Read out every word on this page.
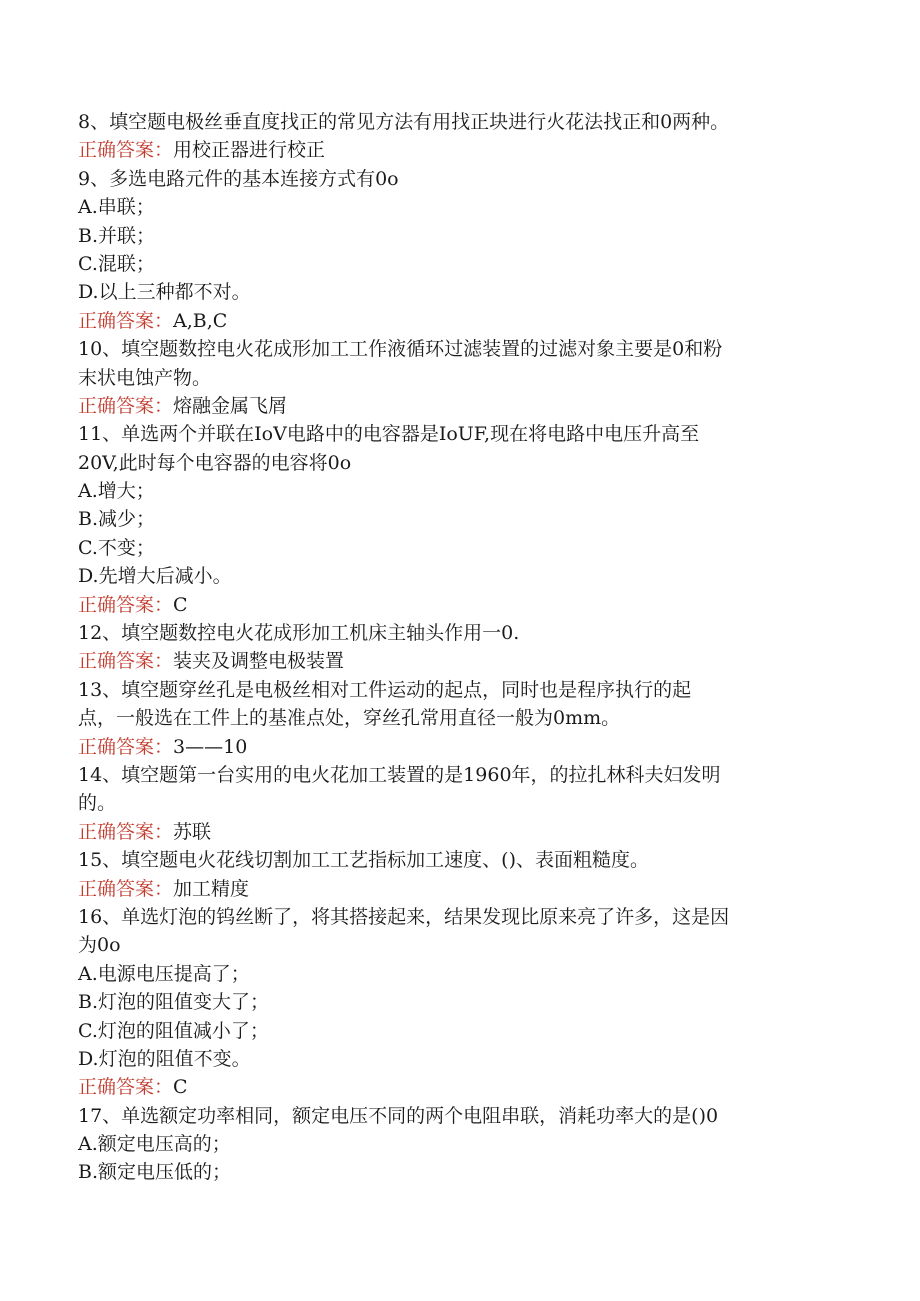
8、填空题电极丝垂直度找正的常见方法有用找正块进行火花法找正和0两种。
正确答案：用校正器进行校正
9、多选电路元件的基本连接方式有0o
A.串联；
B.并联；
C.混联；
D.以上三种都不对。
正确答案：A,B,C
10、填空题数控电火花成形加工工作液循环过滤装置的过滤对象主要是0和粉
末状电蚀产物。
正确答案：熔融金属飞屑
11、单选两个并联在IoV电路中的电容器是IoUF,现在将电路中电压升高至
20V,此时每个电容器的电容将0o
A.增大；
B.减少；
C.不变；
D.先增大后减小。
正确答案：C
12、填空题数控电火花成形加工机床主轴头作用一0.
正确答案：装夹及调整电极装置
13、填空题穿丝孔是电极丝相对工件运动的起点，同时也是程序执行的起
点，一般选在工件上的基准点处，穿丝孔常用直径一般为0mm。
正确答案：3——10
14、填空题第一台实用的电火花加工装置的是1960年，的拉扎林科夫妇发明
的。
正确答案：苏联
15、填空题电火花线切割加工工艺指标加工速度、()、表面粗糙度。
正确答案：加工精度
16、单选灯泡的钨丝断了，将其搭接起来，结果发现比原来亮了许多，这是因
为0o
A.电源电压提高了；
B.灯泡的阻值变大了；
C.灯泡的阻值减小了；
D.灯泡的阻值不变。
正确答案：C
17、单选额定功率相同，额定电压不同的两个电阻串联，消耗功率大的是()0
A.额定电压高的；
B.额定电压低的；
